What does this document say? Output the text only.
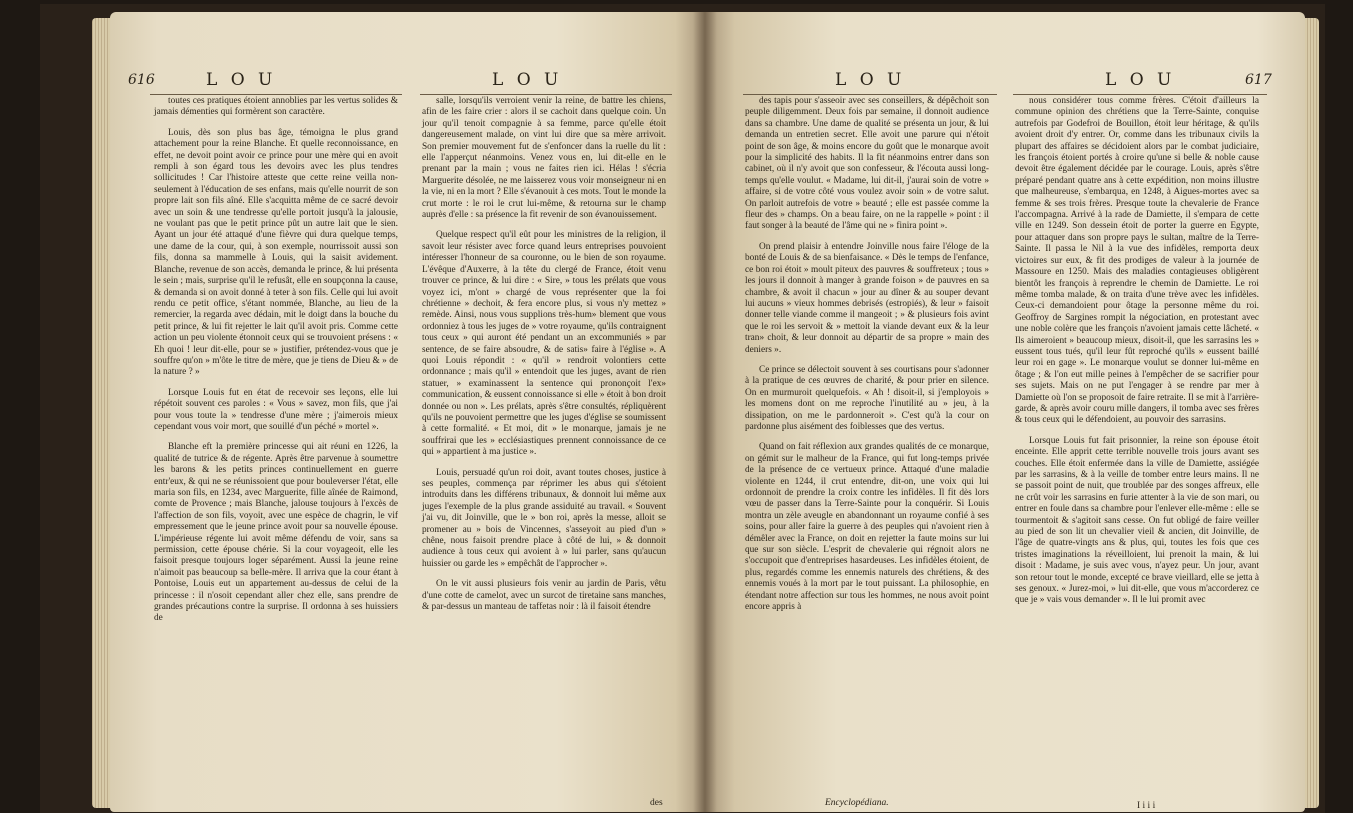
616	L O U	L O U

toutes ces pratiques étoient annoblies par les vertus solides & jamais démenties qui formèrent son caractère.

Louis, dès son plus bas âge, témoigna le plus grand attachement pour la reine Blanche. Et quelle reconnoissance, en effet, ne devoit point avoir ce prince pour une mère qui en avoit rempli à son égard tous les devoirs avec les plus tendres sollicitudes ! Car l'histoire atteste que cette reine veilla non-seulement à l'éducation de ses enfans, mais qu'elle nourrit de son propre lait son fils aîné. Elle s'acquitta même de ce sacré devoir avec un soin & une tendresse qu'elle portoit jusqu'à la jalousie, ne voulant pas que le petit prince pût un autre lait que le sien. Ayant un jour été attaqué d'une fièvre qui dura quelque temps, une dame de la cour, qui, à son exemple, nourrissoit aussi son fils, donna sa mammelle à Louis, qui la saisit avidement. Blanche, revenue de son accès, demanda le prince, & lui présenta le sein ; mais, surprise qu'il le refusât, elle en soupçonna la cause, & demanda si on avoit donné à teter à son fils. Celle qui lui avoit rendu ce petit office, s'étant nommée, Blanche, au lieu de la remercier, la regarda avec dédain, mit le doigt dans la bouche du petit prince, & lui fit rejetter le lait qu'il avoit pris. Comme cette action un peu violente étonnoit ceux qui se trouvoient présens : « Eh quoi ! leur dit-elle, pour se » justifier, prétendez-vous que je souffre qu'on » m'ôte le titre de mère, que je tiens de Dieu & » de la nature ? »

Lorsque Louis fut en état de recevoir ses leçons, elle lui répétoit souvent ces paroles : « Vous » savez, mon fils, que j'ai pour vous toute la » tendresse d'une mère ; j'aimerois mieux cependant vous voir mort, que souillé d'un péché » mortel ».

Blanche eft la première princesse qui ait réuni en 1226, la qualité de tutrice & de régente. Après être parvenue à soumettre les barons & les petits princes continuellement en guerre entr'eux, & qui ne se réunissoient que pour bouleverser l'état, elle maria son fils, en 1234, avec Marguerite, fille aînée de Raimond, comte de Provence ; mais Blanche, jalouse toujours à l'excès de l'affection de son fils, voyoit, avec une espèce de chagrin, le vif empressement que le jeune prince avoit pour sa nouvelle épouse. L'impérieuse régente lui avoit même défendu de voir, sans sa permission, cette épouse chérie. Si la cour voyageoit, elle les faisoit presque toujours loger séparément. Aussi la jeune reine n'aimoit pas beaucoup sa belle-mère. Il arriva que la cour étant à Pontoise, Louis eut un appartement au-dessus de celui de la princesse : il n'osoit cependant aller chez elle, sans prendre de grandes précautions contre la surprise. Il ordonna à ses huissiers de

salle, lorsqu'ils verroient venir la reine, de battre les chiens, afin de les faire crier : alors il se cachoit dans quelque coin. Un jour qu'il tenoit compagnie à sa femme, parce qu'elle étoit dangereusement malade, on vint lui dire que sa mère arrivoit. Son premier mouvement fut de s'enfoncer dans la ruelle du lit : elle l'apperçut néanmoins. Venez vous en, lui dit-elle en le prenant par la main ; vous ne faites rien ici. Hélas ! s'écria Marguerite désolée, ne me laisserez vous voir monseigneur ni en la vie, ni en la mort ? Elle s'évanouit à ces mots. Tout le monde la crut morte : le roi le crut lui-même, & retourna sur le champ auprès d'elle : sa présence la fit revenir de son évanouissement.

Quelque respect qu'il eût pour les ministres de la religion, il savoit leur résister avec force quand leurs entreprises pouvoient intéresser l'honneur de sa couronne, ou le bien de son royaume. L'évêque d'Auxerre, à la tête du clergé de France, étoit venu trouver ce prince, & lui dire : « Sire, » tous les prélats que vous voyez ici, m'ont » chargé de vous représenter que la foi chrétienne » dechoit, & fera encore plus, si vous n'y mettez » remède. Ainsi, nous vous supplions très-hum» blement que vous ordonniez à tous les juges de » votre royaume, qu'ils contraignent tous ceux » qui auront été pendant un an excommuniés » par sentence, de se faire absoudre, & de satis» faire à l'église ». A quoi Louis répondit : « qu'il » rendroit volontiers cette ordonnance ; mais qu'il » entendoit que les juges, avant de rien statuer, » examinassent la sentence qui prononçoit l'ex» communication, & eussent connoissance si elle » étoit à bon droit donnée ou non ». Les prélats, après s'être consultés, répliquèrent qu'ils ne pouvoient permettre que les juges d'église se soumissent à cette formalité. « Et moi, dit » le monarque, jamais je ne souffrirai que les » ecclésiastiques prennent connoissance de ce qui » appartient à ma justice ».

Louis, persuadé qu'un roi doit, avant toutes choses, justice à ses peuples, commença par réprimer les abus qui s'étoient introduits dans les différens tribunaux, & donnoit lui même aux juges l'exemple de la plus grande assiduité au travail. « Souvent j'ai vu, dit Joinville, que le » bon roi, après la messe, alloit se promener au » bois de Vincennes, s'asseyoit au pied d'un » chêne, nous faisoit prendre place à côté de lui, » & donnoit audience à tous ceux qui avoient à » lui parler, sans qu'aucun huissier ou garde les » empêchât de l'approcher ».

On le vit aussi plusieurs fois venir au jardin de Paris, vêtu d'une cotte de camelot, avec un surcot de tiretaine sans manches, & par-dessus un manteau de taffetas noir : là il faisoit étendre

des
L O U	L O U	617

des tapis pour s'asseoir avec ses conseillers, & dépêchoit son peuple diligemment. Deux fois par semaine, il donnoit audience dans sa chambre. Une dame de qualité se présenta un jour, & lui demanda un entretien secret. Elle avoit une parure qui n'étoit point de son âge, & moins encore du goût que le monarque avoit pour la simplicité des habits. Il la fit néanmoins entrer dans son cabinet, où il n'y avoit que son confesseur, & l'écouta aussi long-temps qu'elle voulut. « Madame, lui dit-il, j'aurai soin de votre » affaire, si de votre côté vous voulez avoir soin » de votre salut. On parloit autrefois de votre » beauté ; elle est passée comme la fleur des » champs. On a beau faire, on ne la rappelle » point : il faut songer à la beauté de l'âme qui ne » finira point ».

On prend plaisir à entendre Joinville nous faire l'éloge de la bonté de Louis & de sa bienfaisance. « Dès le temps de l'enfance, ce bon roi étoit » moult piteux des pauvres & souffreteux ; tous » les jours il donnoit à manger à grande foison » de pauvres en sa chambre, & avoit il chacun » jour au dîner & au souper devant lui aucuns » vieux hommes debrisés (estropiés), & leur » faisoit donner telle viande comme il mangeoit ; » & plusieurs fois avint que le roi les servoit & » mettoit la viande devant eux & la leur tran» choit, & leur donnoit au départir de sa propre » main des deniers ».

Ce prince se délectoit souvent à ses courtisans pour s'adonner à la pratique de ces œuvres de charité, & pour prier en silence. On en murmuroit quelquefois. « Ah ! disoit-il, si j'employois » les momens dont on me reproche l'inutilité au » jeu, à la dissipation, on me le pardonneroit ». C'est qu'à la cour on pardonne plus aisément des foiblesses que des vertus.

Quand on fait réflexion aux grandes qualités de ce monarque, on gémit sur le malheur de la France, qui fut long-temps privée de la présence de ce vertueux prince. Attaqué d'une maladie violente en 1244, il crut entendre, dit-on, une voix qui lui ordonnoit de prendre la croix contre les infidèles. Il fit dès lors vœu de passer dans la Terre-Sainte pour la conquérir. Si Louis montra un zèle aveugle en abandonnant un royaume confié à ses soins, pour aller faire la guerre à des peuples qui n'avoient rien à démêler avec la France, on doit en rejetter la faute moins sur lui que sur son siècle. L'esprit de chevalerie qui régnoit alors ne s'occupoit que d'entreprises hasardeuses. Les infidèles étoient, de plus, regardés comme les ennemis naturels des chrétiens, & des ennemis voués à la mort par le tout puissant. La philosophie, en étendant notre affection sur tous les hommes, ne nous avoit point encore appris à

nous considérer tous comme frères. C'étoit d'ailleurs la commune opinion des chrétiens que la Terre-Sainte, conquise autrefois par Godefroi de Bouillon, étoit leur héritage, & qu'ils avoient droit d'y entrer. Or, comme dans les tribunaux civils la plupart des affaires se décidoient alors par le combat judiciaire, les françois étoient portés à croire qu'une si belle & noble cause devoit être également décidée par le courage. Louis, après s'être préparé pendant quatre ans à cette expédition, non moins illustre que malheureuse, s'embarqua, en 1248, à Aigues-mortes avec sa femme & ses trois frères. Presque toute la chevalerie de France l'accompagna. Arrivé à la rade de Damiette, il s'empara de cette ville en 1249. Son dessein étoit de porter la guerre en Egypte, pour attaquer dans son propre pays le sultan, maître de la Terre-Sainte. Il passa le Nil à la vue des infidèles, remporta deux victoires sur eux, & fit des prodiges de valeur à la journée de Massoure en 1250. Mais des maladies contagieuses obligèrent bientôt les françois à reprendre le chemin de Damiette. Le roi même tomba malade, & on traita d'une trève avec les infidèles. Ceux-ci demandoient pour ôtage la personne même du roi. Geoffroy de Sargines rompit la négociation, en protestant avec une noble colère que les françois n'avoient jamais cette lâcheté. « Ils aimeroient » beaucoup mieux, disoit-il, que les sarrasins les » eussent tous tués, qu'il leur fût reproché qu'ils » eussent baillé leur roi en gage ». Le monarque voulut se donner lui-même en ôtage ; & l'on eut mille peines à l'empêcher de se sacrifier pour ses sujets. Mais on ne put l'engager à se rendre par mer à Damiette où l'on se proposoit de faire retraite. Il se mit à l'arrière-garde, & après avoir couru mille dangers, il tomba avec ses frères & tous ceux qui le défendoient, au pouvoir des sarrasins.

Lorsque Louis fut fait prisonnier, la reine son épouse étoit enceinte. Elle apprit cette terrible nouvelle trois jours avant ses couches. Elle étoit enfermée dans la ville de Damiette, assiégée par les sarrasins, & à la veille de tomber entre leurs mains. Il ne se passoit point de nuit, que troublée par des songes affreux, elle ne crût voir les sarrasins en furie attenter à la vie de son mari, ou entrer en foule dans sa chambre pour l'enlever elle-même : elle se tourmentoit & s'agitoit sans cesse. On fut obligé de faire veiller au pied de son lit un chevalier vieil & ancien, dit Joinville, de l'âge de quatre-vingts ans & plus, qui, toutes les fois que ces tristes imaginations la réveilloient, lui prenoit la main, & lui disoit : Madame, je suis avec vous, n'ayez peur. Un jour, avant son retour tout le monde, excepté ce brave vieillard, elle se jetta à ses genoux. « Jurez-moi, » lui dit-elle, que vous m'accorderez ce que je » vais vous demander ». Il le lui promit avec

Encyclopédiana.	I i i i
